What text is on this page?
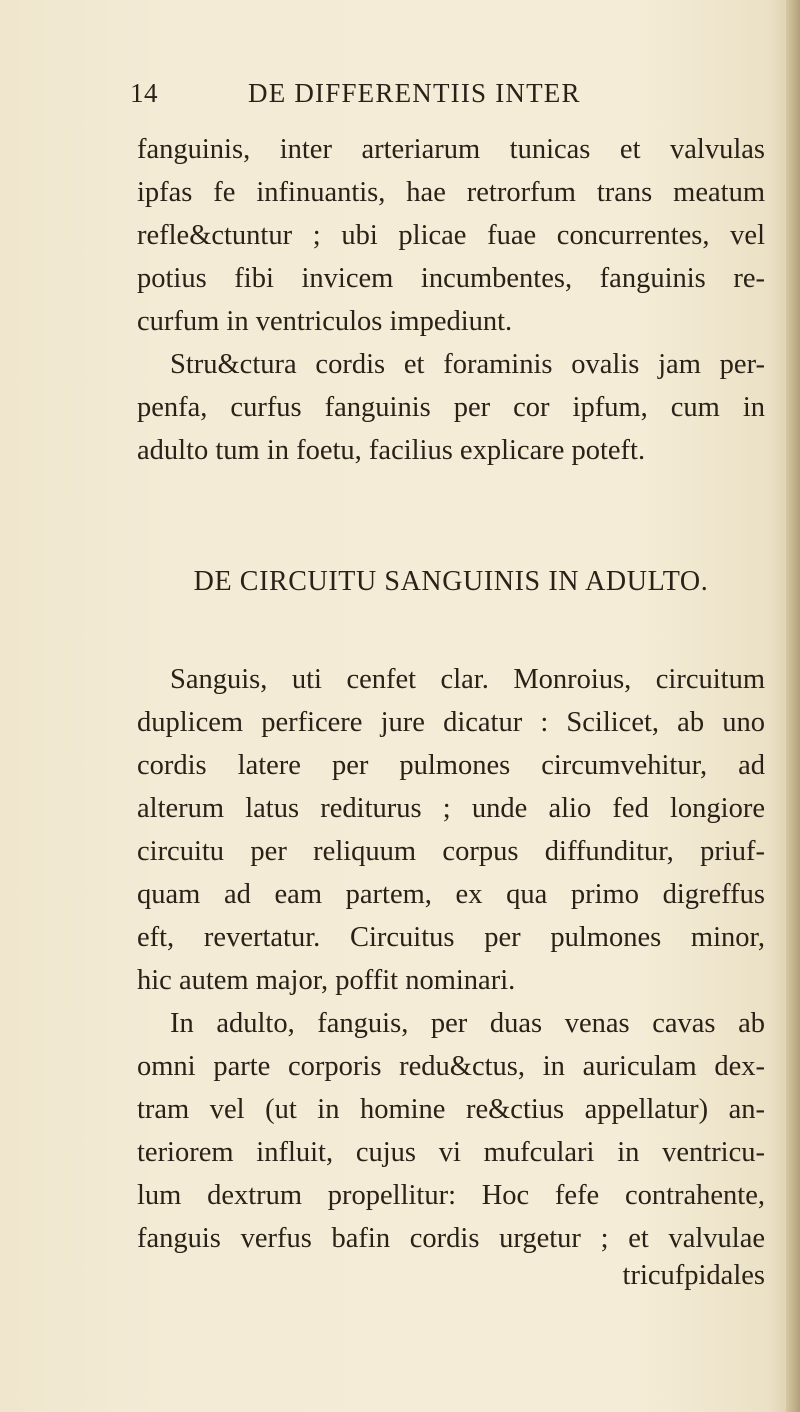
14	DE DIFFERENTIIS INTER
fanguinis, inter arteriarum tunicas et valvulas
ipfas fe infinuantis, hae retrorfum trans meatum
refle&ctuntur ; ubi plicae fuae concurrentes, vel
potius fibi invicem incumbentes, fanguinis re-
curfum in ventriculos impediunt.
Stru&ctura cordis et foraminis ovalis jam per-
penfa, curfus fanguinis per cor ipfum, cum in
adulto tum in foetu, facilius explicare poteft.
DE CIRCUITU SANGUINIS IN ADULTO.
Sanguis, uti cenfet clar. Monroius, circuitum
duplicem perficere jure dicatur : Scilicet, ab uno
cordis latere per pulmones circumvehitur, ad
alterum latus rediturus ; unde alio fed longiore
circuitu per reliquum corpus diffunditur, priuf-
quam ad eam partem, ex qua primo digreffus
eft, revertatur. Circuitus per pulmones minor,
hic autem major, poffit nominari.
In adulto, fanguis, per duas venas cavas ab
omni parte corporis redu&ctus, in auriculam dex-
tram vel (ut in homine re&ctius appellatur) an-
teriorem influit, cujus vi mufculari in ventricu-
lum dextrum propellitur: Hoc fefe contrahente,
fanguis verfus bafin cordis urgetur ; et valvulae
tricufpidales
